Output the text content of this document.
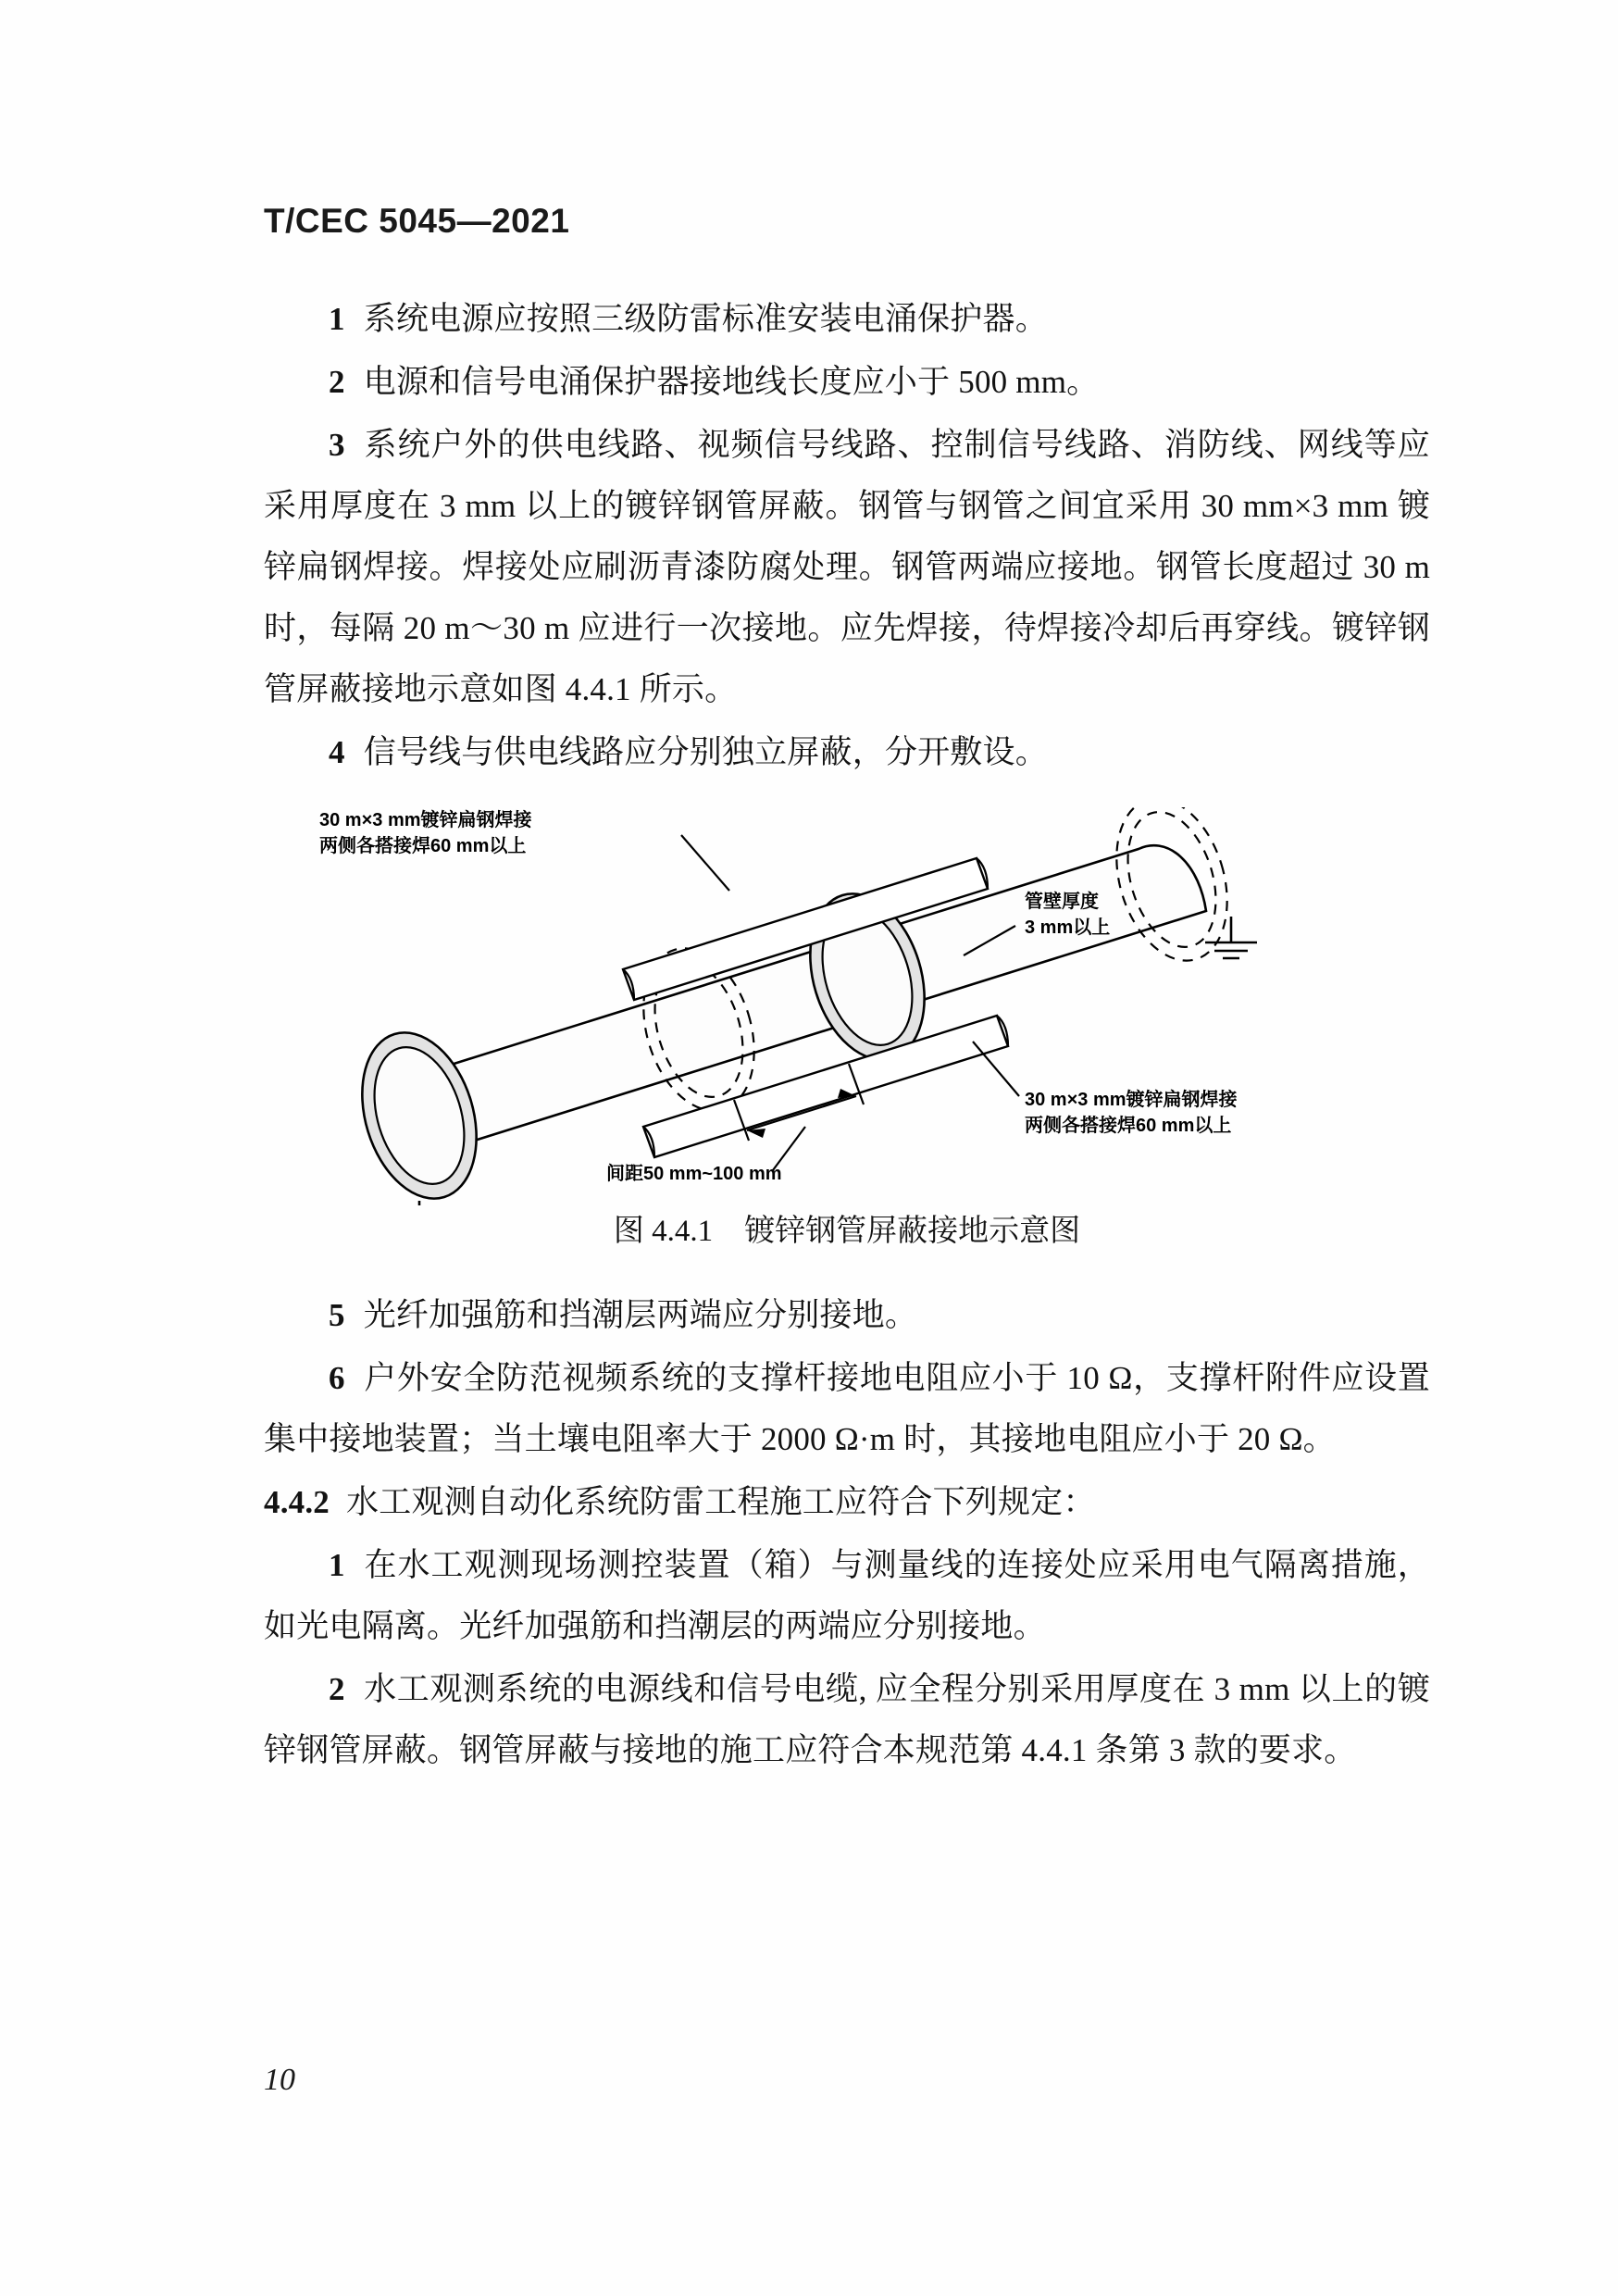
T/CEC 5045—2021

1 系统电源应按照三级防雷标准安装电涌保护器。

2 电源和信号电涌保护器接地线长度应小于 500 mm。

3 系统户外的供电线路、视频信号线路、控制信号线路、消防线、网线等应采用厚度在 3 mm 以上的镀锌钢管屏蔽。钢管与钢管之间宜采用 30 mm×3 mm 镀锌扁钢焊接。焊接处应刷沥青漆防腐处理。钢管两端应接地。钢管长度超过 30 m 时，每隔 20 m～30 m 应进行一次接地。应先焊接，待焊接冷却后再穿线。镀锌钢管屏蔽接地示意如图 4.4.1 所示。

4 信号线与供电线路应分别独立屏蔽，分开敷设。

30 m×3 mm镀锌扁钢焊接
两侧各搭接焊60 mm以上
管壁厚度
3 mm以上
30 m×3 mm镀锌扁钢焊接
两侧各搭接焊60 mm以上
间距50 mm~100 mm
图 4.4.1 镀锌钢管屏蔽接地示意图

5 光纤加强筋和挡潮层两端应分别接地。

6 户外安全防范视频系统的支撑杆接地电阻应小于 10 Ω，支撑杆附件应设置集中接地装置；当土壤电阻率大于 2000 Ω·m 时，其接地电阻应小于 20 Ω。

4.4.2 水工观测自动化系统防雷工程施工应符合下列规定：

1 在水工观测现场测控装置（箱）与测量线的连接处应采用电气隔离措施，如光电隔离。光纤加强筋和挡潮层的两端应分别接地。

2 水工观测系统的电源线和信号电缆, 应全程分别采用厚度在 3 mm 以上的镀锌钢管屏蔽。钢管屏蔽与接地的施工应符合本规范第 4.4.1 条第 3 款的要求。

10
